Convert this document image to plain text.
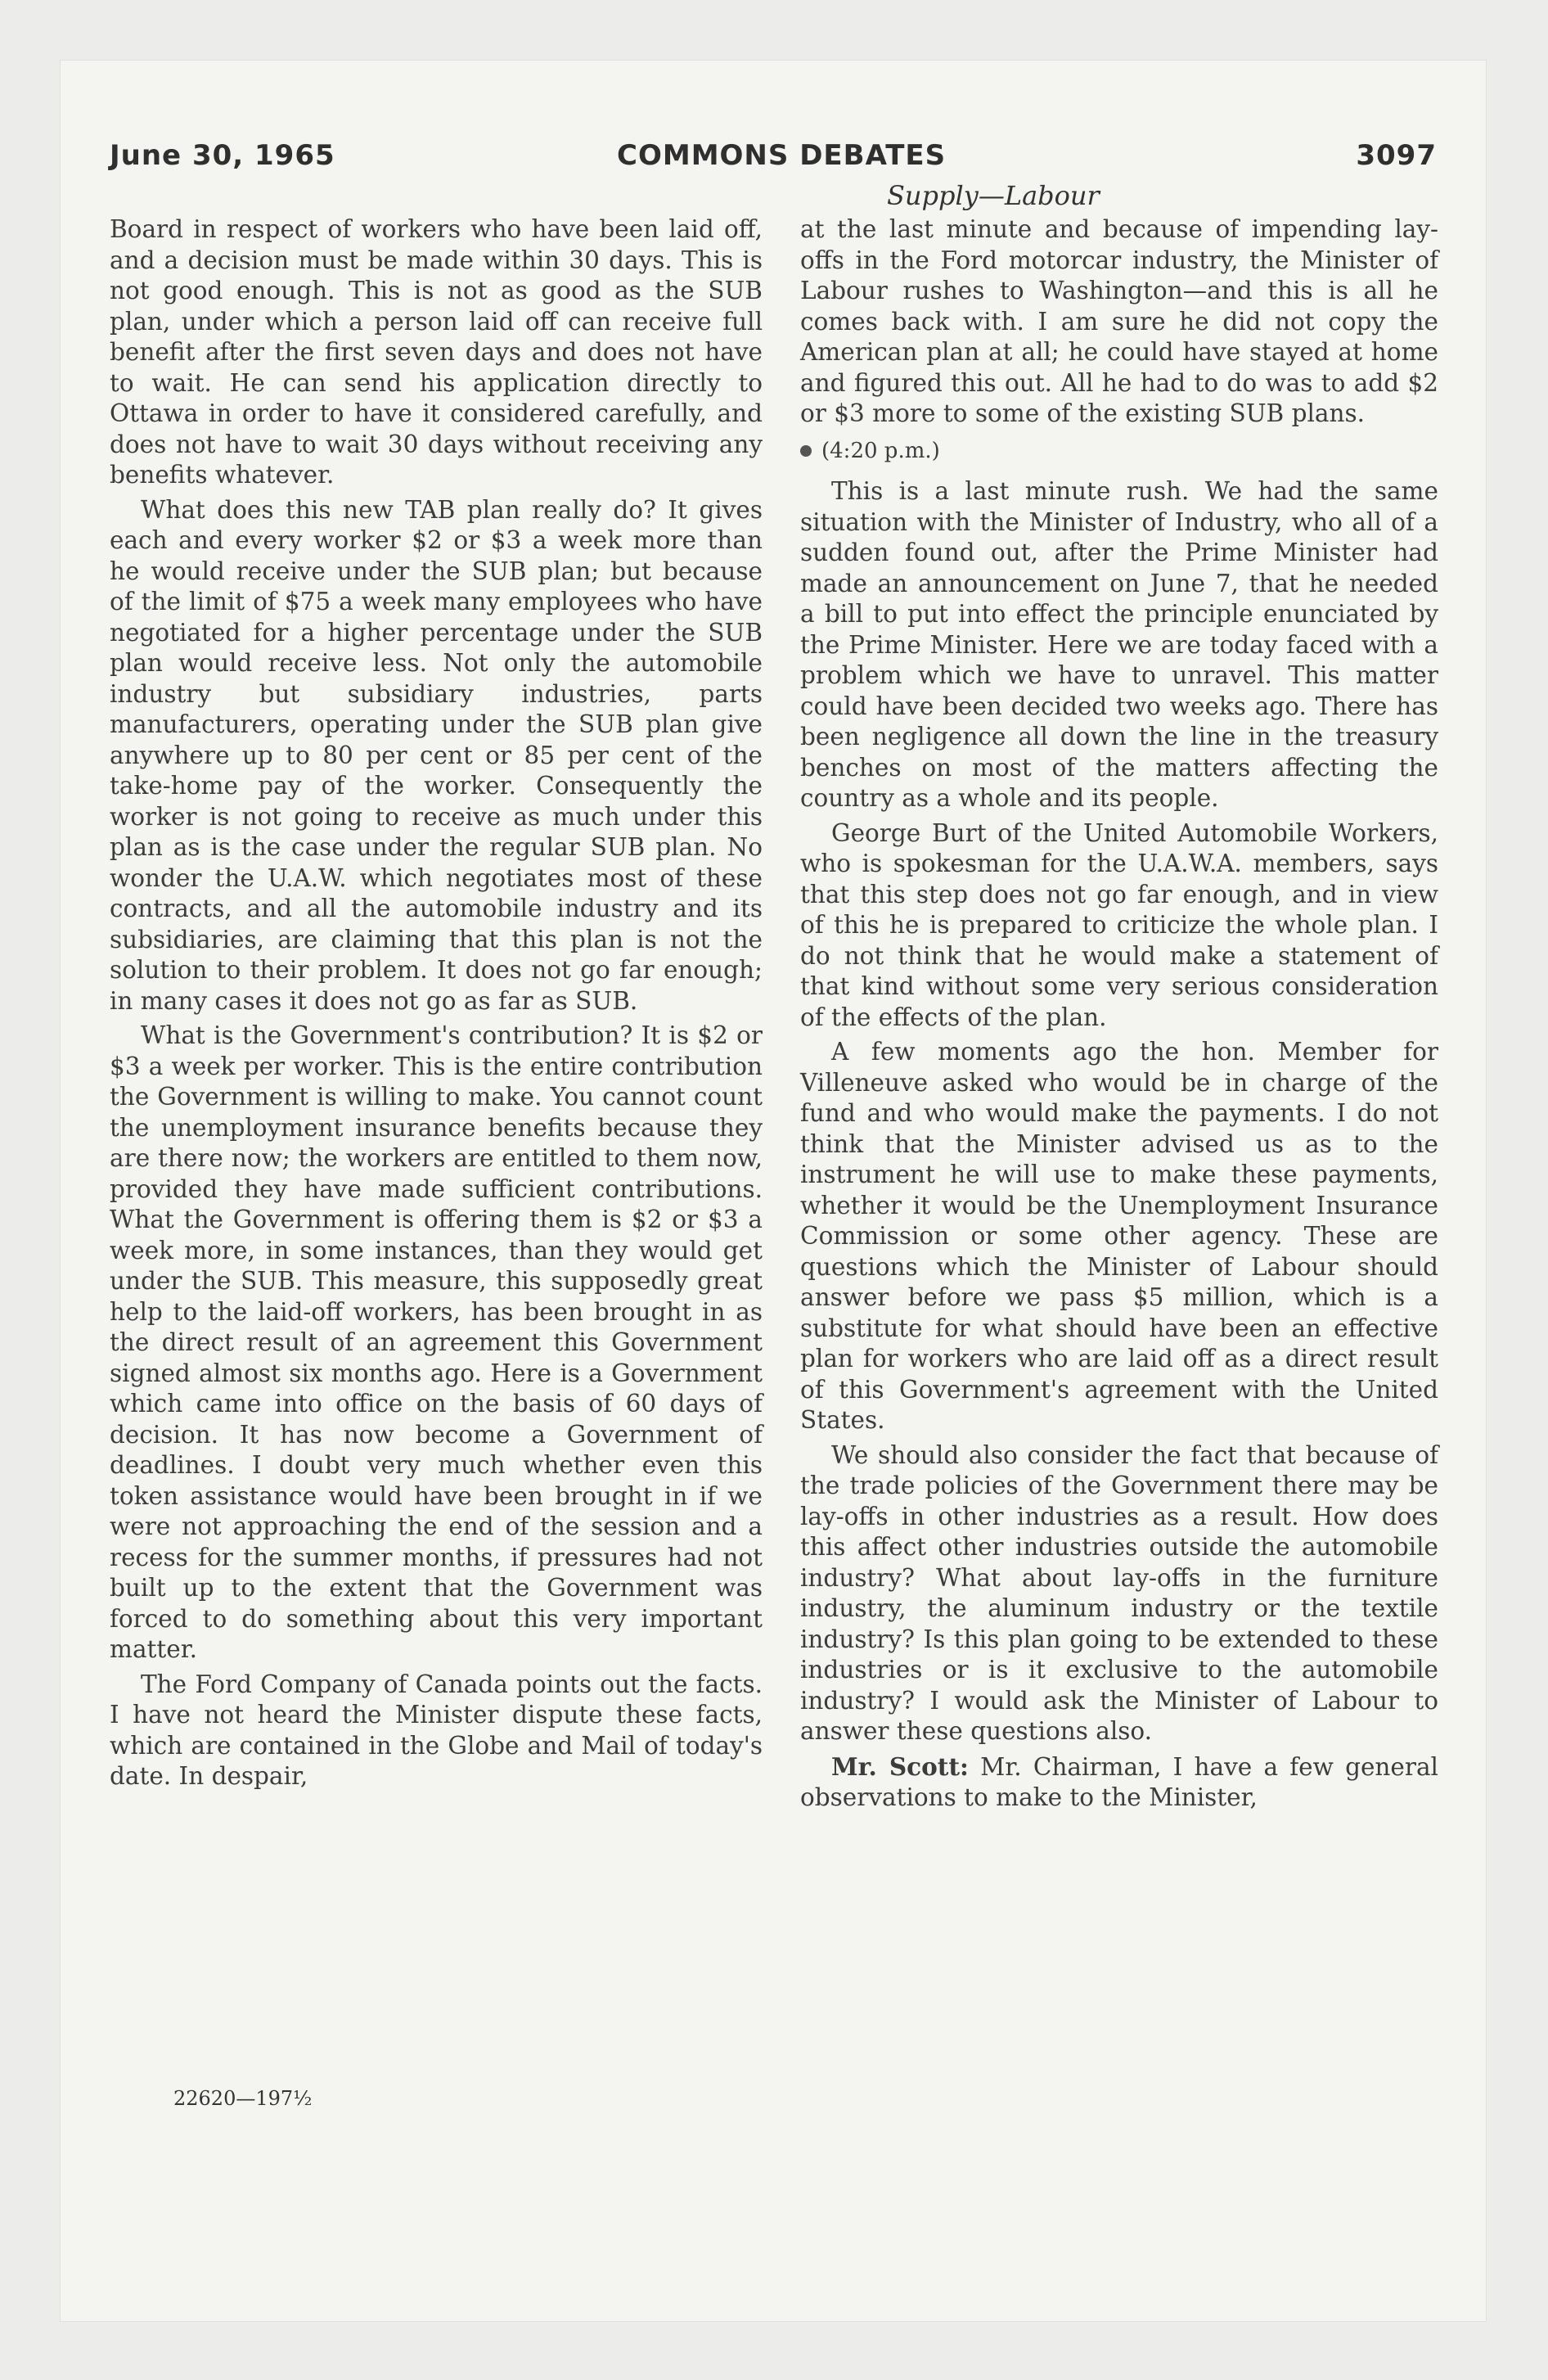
June 30, 1965	COMMONS DEBATES	3097
Supply—Labour

Board in respect of workers who have been laid off, and a decision must be made within 30 days. This is not good enough. This is not as good as the SUB plan, under which a person laid off can receive full benefit after the first seven days and does not have to wait. He can send his application directly to Ottawa in order to have it considered carefully, and does not have to wait 30 days without receiving any benefits whatever.

What does this new TAB plan really do? It gives each and every worker $2 or $3 a week more than he would receive under the SUB plan; but because of the limit of $75 a week many employees who have negotiated for a higher percentage under the SUB plan would receive less. Not only the automobile industry but subsidiary industries, parts manufacturers, operating under the SUB plan give anywhere up to 80 per cent or 85 per cent of the take-home pay of the worker. Consequently the worker is not going to receive as much under this plan as is the case under the regular SUB plan. No wonder the U.A.W. which negotiates most of these contracts, and all the automobile industry and its subsidiaries, are claiming that this plan is not the solution to their problem. It does not go far enough; in many cases it does not go as far as SUB.

What is the Government's contribution? It is $2 or $3 a week per worker. This is the entire contribution the Government is willing to make. You cannot count the unemployment insurance benefits because they are there now; the workers are entitled to them now, provided they have made sufficient contributions. What the Government is offering them is $2 or $3 a week more, in some instances, than they would get under the SUB. This measure, this supposedly great help to the laid-off workers, has been brought in as the direct result of an agreement this Government signed almost six months ago. Here is a Government which came into office on the basis of 60 days of decision. It has now become a Government of deadlines. I doubt very much whether even this token assistance would have been brought in if we were not approaching the end of the session and a recess for the summer months, if pressures had not built up to the extent that the Government was forced to do something about this very important matter.

The Ford Company of Canada points out the facts. I have not heard the Minister dispute these facts, which are contained in the Globe and Mail of today's date. In despair,

at the last minute and because of impending lay-offs in the Ford motorcar industry, the Minister of Labour rushes to Washington—and this is all he comes back with. I am sure he did not copy the American plan at all; he could have stayed at home and figured this out. All he had to do was to add $2 or $3 more to some of the existing SUB plans.

(4:20 p.m.)

This is a last minute rush. We had the same situation with the Minister of Industry, who all of a sudden found out, after the Prime Minister had made an announcement on June 7, that he needed a bill to put into effect the principle enunciated by the Prime Minister. Here we are today faced with a problem which we have to unravel. This matter could have been decided two weeks ago. There has been negligence all down the line in the treasury benches on most of the matters affecting the country as a whole and its people.

George Burt of the United Automobile Workers, who is spokesman for the U.A.W.A. members, says that this step does not go far enough, and in view of this he is prepared to criticize the whole plan. I do not think that he would make a statement of that kind without some very serious consideration of the effects of the plan.

A few moments ago the hon. Member for Villeneuve asked who would be in charge of the fund and who would make the payments. I do not think that the Minister advised us as to the instrument he will use to make these payments, whether it would be the Unemployment Insurance Commission or some other agency. These are questions which the Minister of Labour should answer before we pass $5 million, which is a substitute for what should have been an effective plan for workers who are laid off as a direct result of this Government's agreement with the United States.

We should also consider the fact that because of the trade policies of the Government there may be lay-offs in other industries as a result. How does this affect other industries outside the automobile industry? What about lay-offs in the furniture industry, the aluminum industry or the textile industry? Is this plan going to be extended to these industries or is it exclusive to the automobile industry? I would ask the Minister of Labour to answer these questions also.

Mr. Scott: Mr. Chairman, I have a few general observations to make to the Minister,

22620—197½
